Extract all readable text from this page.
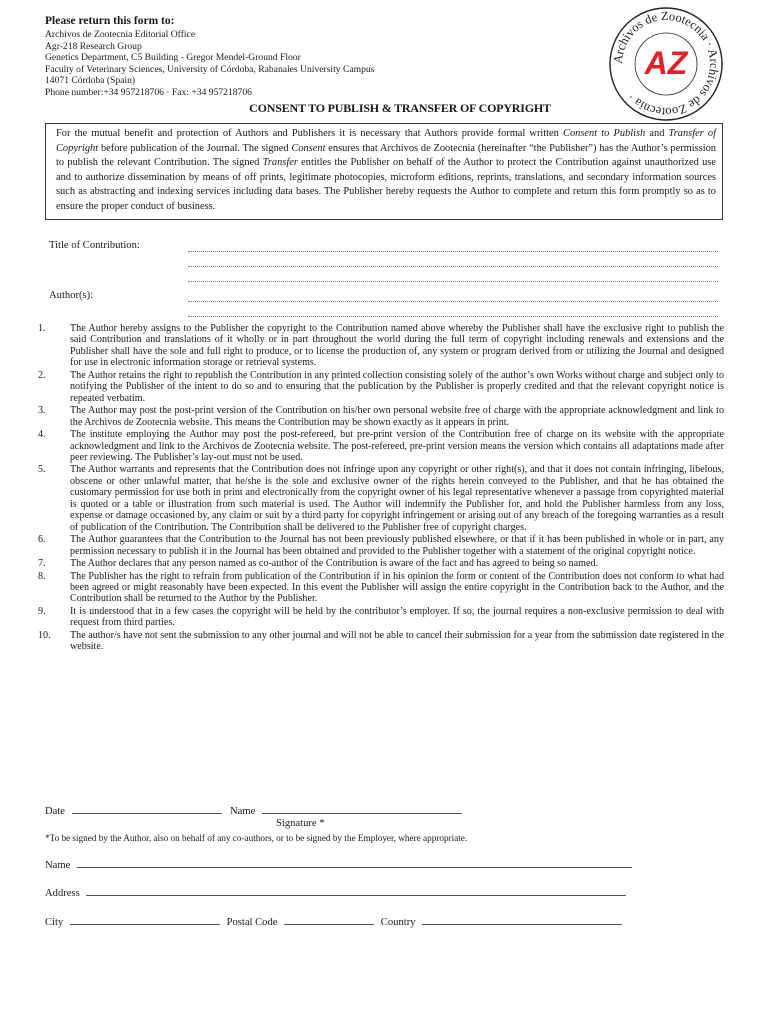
Please return this form to:
Archivos de Zootecnia Editorial Office
Agr-218 Research Group
Genetics Department, C5 Building - Gregor Mendel-Ground Floor
Faculty of Veterinary Sciences, University of Córdoba, Rabanales University Campus
14071 Córdoba (Spain)
Phone number:+34 957218706 · Fax: +34 957218706
Archivos de Zootecnia · Archivos de Zootecnia ·
AZ
CONSENT TO PUBLISH & TRANSFER OF COPYRIGHT
For the mutual benefit and protection of Authors and Publishers it is necessary that Authors provide formal written Consent to Publish and Transfer of Copyright before publication of the Journal. The signed Consent ensures that Archivos de Zootecnia (hereinafter “the Publisher”) has the Author’s permission to publish the relevant Contribution. The signed Transfer entitles the Publisher on behalf of the Author to protect the Contribution against unauthorized use and to authorize dissemination by means of off prints, legitimate photocopies, microform editions, reprints, translations, and secondary information sources such as abstracting and indexing services including data bases. The Publisher hereby requests the Author to complete and return this form promptly so as to ensure the proper conduct of business.
Title of Contribution:
Author(s):
1.	The Author hereby assigns to the Publisher the copyright to the Contribution named above whereby the Publisher shall have the exclusive right to publish the said Contribution and translations of it wholly or in part throughout the world during the full term of copyright including renewals and extensions and the Publisher shall have the sole and full right to produce, or to license the production of, any system or program derived from or utilizing the Journal and designed for use in electronic information storage or retrieval systems.
2.	The Author retains the right to republish the Contribution in any printed collection consisting solely of the author’s own Works without charge and subject only to notifying the Publisher of the intent to do so and to ensuring that the publication by the Publisher is properly credited and that the relevant copyright notice is repeated verbatim.
3.	The Author may post the post-print version of the Contribution on his/her own personal website free of charge with the appropriate acknowledgment and link to the Archivos de Zootecnia website. This means the Contribution may be shown exactly as it appears in print.
4.	The institute employing the Author may post the post-refereed, but pre-print version of the Contribution free of charge on its website with the appropriate acknowledgment and link to the Archivos de Zootecnia website. The post-refereed, pre-print version means the version which contains all adaptations made after peer reviewing. The Publisher’s lay-out must not be used.
5.	The Author warrants and represents that the Contribution does not infringe upon any copyright or other right(s), and that it does not contain infringing, libelous, obscene or other unlawful matter, that he/she is the sole and exclusive owner of the rights herein conveyed to the Publisher, and that he has obtained the customary permission for use both in print and electronically from the copyright owner of his legal representative whenever a passage from copyrighted material is quoted or a table or illustration from such material is used. The Author will indemnify the Publisher for, and hold the Publisher harmless from any loss, expense or damage occasioned by, any claim or suit by a third party for copyright infringement or arising out of any breach of the foregoing warranties as a result of publication of the Contribution. The Contribution shall be delivered to the Publisher free of copyright charges.
6.	The Author guarantees that the Contribution to the Journal has not been previously published elsewhere, or that if it has been published in whole or in part, any permission necessary to publish it in the Journal has been obtained and provided to the Publisher together with a statement of the original copyright notice.
7.	The Author declares that any person named as co-author of the Contribution is aware of the fact and has agreed to being so named.
8.	The Publisher has the right to refrain from publication of the Contribution if in his opinion the form or content of the Contribution does not conform to what had been agreed or might reasonably have been expected. In this event the Publisher will assign the entire copyright in the Contribution back to the Author, and the Contribution shall be returned to the Author by the Publisher.
9.	It is understood that in a few cases the copyright will be held by the contributor’s employer. If so, the journal requires a non-exclusive permission to deal with request from third parties.
10.	The author/s have not sent the submission to any other journal and will not be able to cancel their submission for a year from the submission date registered in the website.
Date	Name
Signature *
*To be signed by the Author, also on behalf of any co-authors, or to be signed by the Employer, where appropriate.
Name
Address
City	Postal Code	Country
